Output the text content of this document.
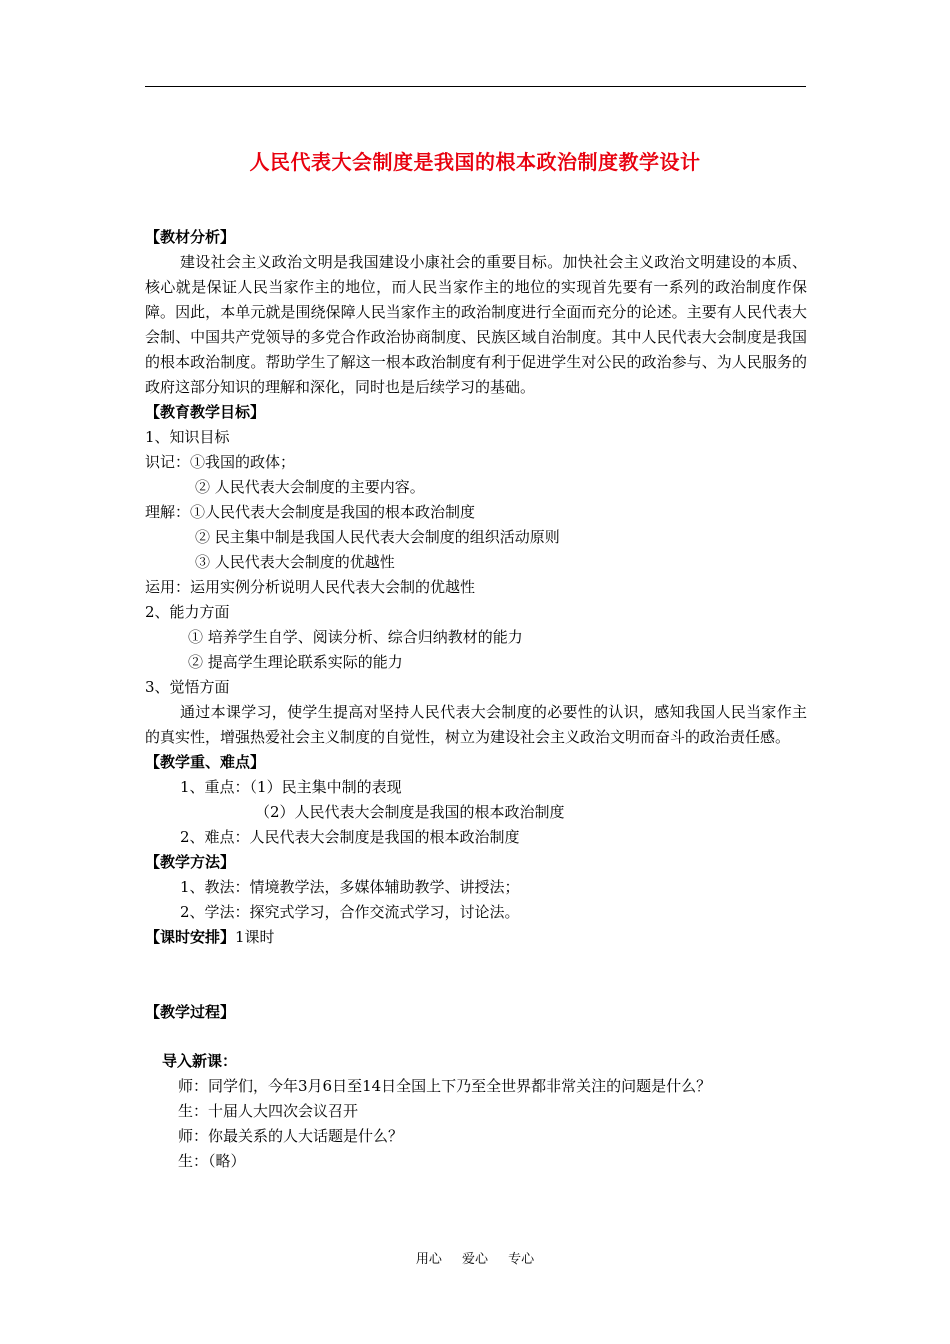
人民代表大会制度是我国的根本政治制度教学设计

【教材分析】

建设社会主义政治文明是我国建设小康社会的重要目标。加快社会主义政治文明建设的本质、核心就是保证人民当家作主的地位，而人民当家作主的地位的实现首先要有一系列的政治制度作保障。因此，本单元就是围绕保障人民当家作主的政治制度进行全面而充分的论述。主要有人民代表大会制、中国共产党领导的多党合作政治协商制度、民族区域自治制度。其中人民代表大会制度是我国的根本政治制度。帮助学生了解这一根本政治制度有利于促进学生对公民的政治参与、为人民服务的政府这部分知识的理解和深化，同时也是后续学习的基础。

【教育教学目标】

1、知识目标

识记：①我国的政体；

② 人民代表大会制度的主要内容。

理解：①人民代表大会制度是我国的根本政治制度

② 民主集中制是我国人民代表大会制度的组织活动原则

③ 人民代表大会制度的优越性

运用：运用实例分析说明人民代表大会制的优越性

2、能力方面

① 培养学生自学、阅读分析、综合归纳教材的能力

② 提高学生理论联系实际的能力

3、觉悟方面

通过本课学习，使学生提高对坚持人民代表大会制度的必要性的认识，感知我国人民当家作主的真实性，增强热爱社会主义制度的自觉性，树立为建设社会主义政治文明而奋斗的政治责任感。

【教学重、难点】

1、重点：（1）民主集中制的表现

（2）人民代表大会制度是我国的根本政治制度

2、难点：人民代表大会制度是我国的根本政治制度

【教学方法】

1、教法：情境教学法，多媒体辅助教学、讲授法；

2、学法：探究式学习，合作交流式学习，讨论法。

【课时安排】1课时

【教学过程】

导入新课：

师：同学们，今年3月6日至14日全国上下乃至全世界都非常关注的问题是什么？

生：十届人大四次会议召开

师：你最关系的人大话题是什么？

生：（略）

用心 爱心 专心
